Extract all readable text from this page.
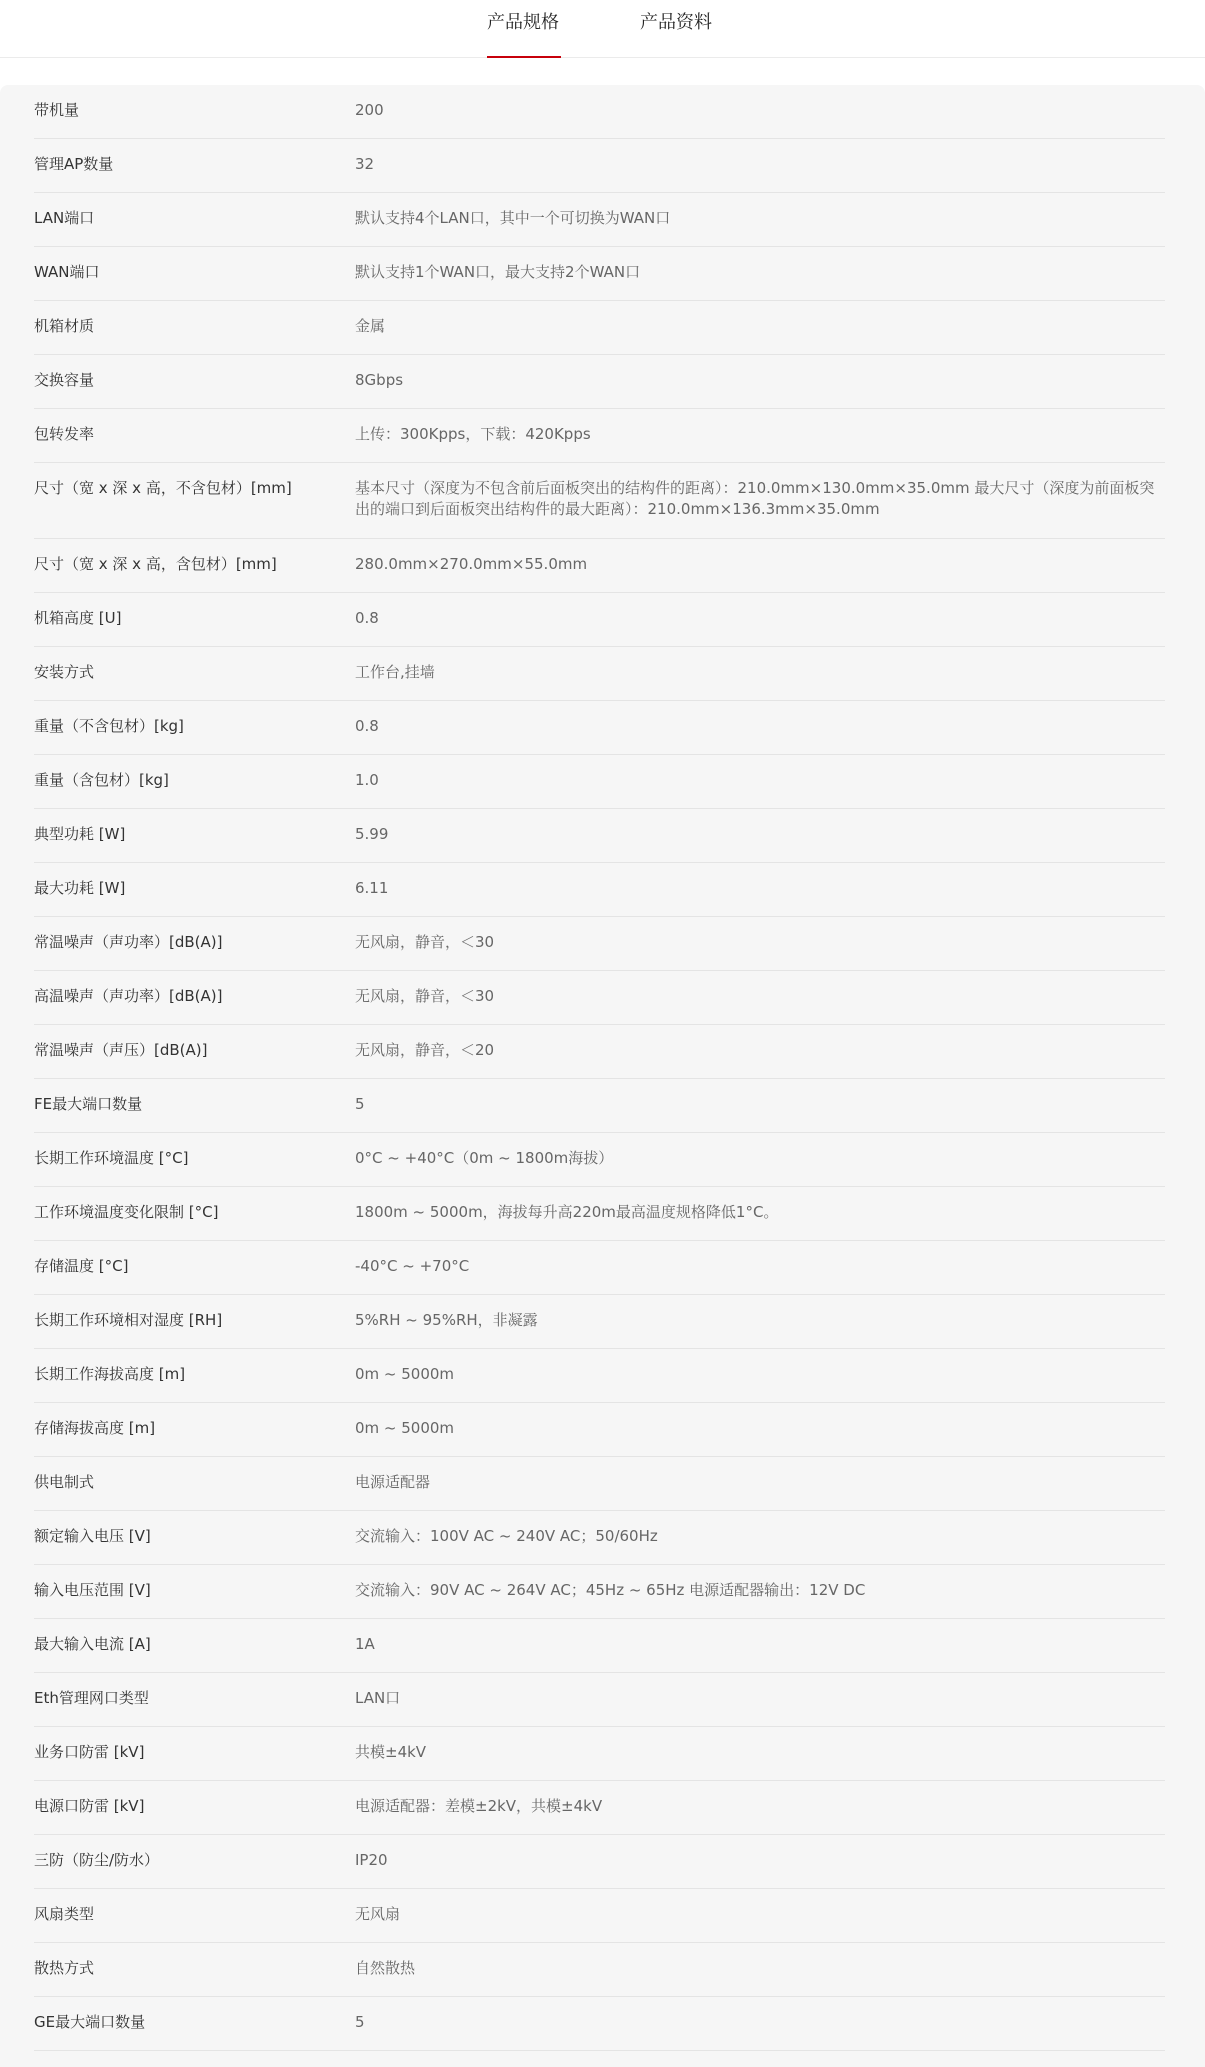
产品规格	产品资料
带机量	200
管理AP数量	32
LAN端口	默认支持4个LAN口，其中一个可切换为WAN口
WAN端口	默认支持1个WAN口，最大支持2个WAN口
机箱材质	金属
交换容量	8Gbps
包转发率	上传：300Kpps，下载：420Kpps
尺寸（宽 x 深 x 高，不含包材）[mm]	基本尺寸（深度为不包含前后面板突出的结构件的距离）：210.0mm×130.0mm×35.0mm 最大尺寸（深度为前面板突出的端口到后面板突出结构件的最大距离）：210.0mm×136.3mm×35.0mm
尺寸（宽 x 深 x 高，含包材）[mm]	280.0mm×270.0mm×55.0mm
机箱高度 [U]	0.8
安装方式	工作台,挂墙
重量（不含包材）[kg]	0.8
重量（含包材）[kg]	1.0
典型功耗 [W]	5.99
最大功耗 [W]	6.11
常温噪声（声功率）[dB(A)]	无风扇，静音，＜30
高温噪声（声功率）[dB(A)]	无风扇，静音，＜30
常温噪声（声压）[dB(A)]	无风扇，静音，＜20
FE最大端口数量	5
长期工作环境温度 [°C]	0°C ~ +40°C（0m ~ 1800m海拔）
工作环境温度变化限制 [°C]	1800m ~ 5000m，海拔每升高220m最高温度规格降低1°C。
存储温度 [°C]	-40°C ~ +70°C
长期工作环境相对湿度 [RH]	5%RH ~ 95%RH，非凝露
长期工作海拔高度 [m]	0m ~ 5000m
存储海拔高度 [m]	0m ~ 5000m
供电制式	电源适配器
额定输入电压 [V]	交流输入：100V AC ~ 240V AC；50/60Hz
输入电压范围 [V]	交流输入：90V AC ~ 264V AC；45Hz ~ 65Hz 电源适配器输出：12V DC
最大输入电流 [A]	1A
Eth管理网口类型	LAN口
业务口防雷 [kV]	共模±4kV
电源口防雷 [kV]	电源适配器：差模±2kV，共模±4kV
三防（防尘/防水）	IP20
风扇类型	无风扇
散热方式	自然散热
GE最大端口数量	5
